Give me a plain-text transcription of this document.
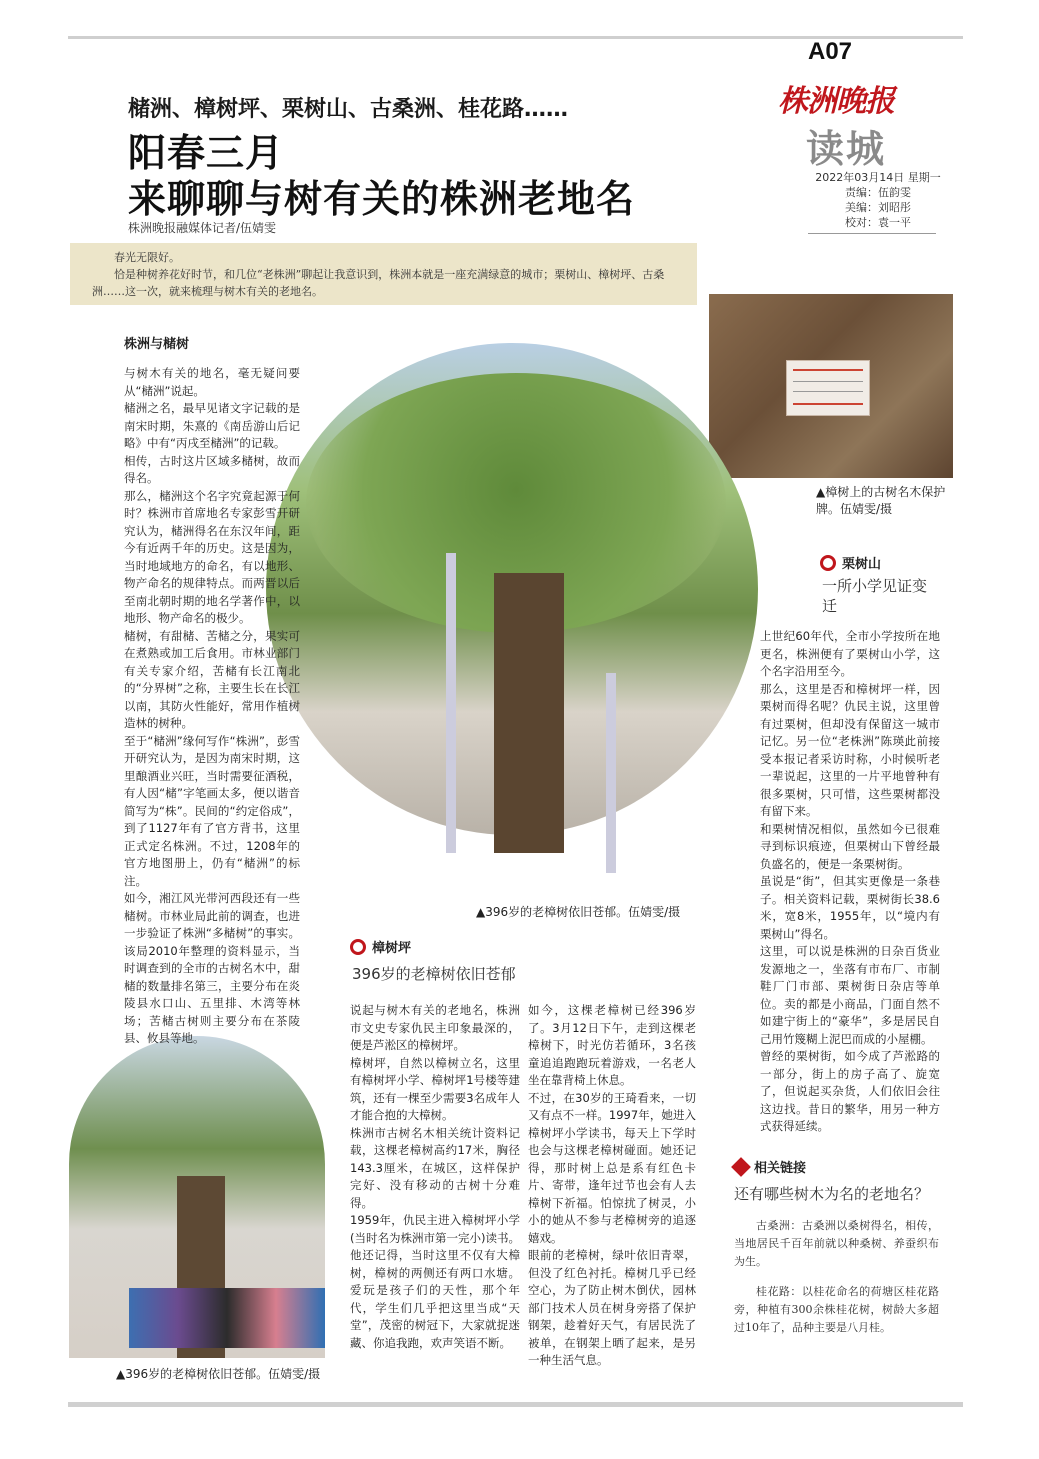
A07
株洲晚报
读城
2022年03月14日 星期一
责编：伍韵雯
美编：刘昭彤
校对：袁一平
槠洲、樟树坪、栗树山、古桑洲、桂花路……
阳春三月
来聊聊与树有关的株洲老地名
株洲晚报融媒体记者/伍婧雯
春光无限好。
恰是种树养花好时节，和几位“老株洲”聊起让我意识到，株洲本就是一座充满绿意的城市；栗树山、樟树坪、古桑洲……这一次，就来梳理与树木有关的老地名。
▲樟树上的古树名木保护牌。伍婧雯/摄
▲396岁的老樟树依旧苍郁。伍婧雯/摄
▲396岁的老樟树依旧苍郁。伍婧雯/摄
株洲与槠树
与树木有关的地名，毫无疑问要从“槠洲”说起。
槠洲之名，最早见诸文字记载的是南宋时期，朱熹的《南岳游山后记略》中有“丙戌至槠洲”的记载。
相传，古时这片区域多槠树，故而得名。
那么，槠洲这个名字究竟起源于何时？株洲市首席地名专家彭雪开研究认为，槠洲得名在东汉年间，距今有近两千年的历史。这是因为，当时地域地方的命名，有以地形、物产命名的规律特点。而两晋以后至南北朝时期的地名学著作中，以地形、物产命名的极少。
槠树，有甜槠、苦槠之分，果实可在煮熟或加工后食用。市林业部门有关专家介绍，苦槠有长江南北的“分界树”之称，主要生长在长江以南，其防火性能好，常用作植树造林的树种。
至于“槠洲”缘何写作“株洲”，彭雪开研究认为，是因为南宋时期，这里酿酒业兴旺，当时需要征酒税，有人因“槠”字笔画太多，便以谐音简写为“株”。民间的“约定俗成”，到了1127年有了官方背书，这里正式定名株洲。不过，1208年的官方地图册上，仍有“槠洲”的标注。
如今，湘江风光带河西段还有一些槠树。市林业局此前的调查，也进一步验证了株洲“多槠树”的事实。该局2010年整理的资料显示，当时调查到的全市的古树名木中，甜槠的数量排名第三，主要分布在炎陵县水口山、五里排、木湾等林场；苦槠古树则主要分布在茶陵县、攸县等地。
樟树坪
396岁的老樟树依旧苍郁
说起与树木有关的老地名，株洲市文史专家仇民主印象最深的，便是芦淞区的樟树坪。
樟树坪，自然以樟树立名，这里有樟树坪小学、樟树坪1号楼等建筑，还有一棵至少需要3名成年人才能合抱的大樟树。
株洲市古树名木相关统计资料记载，这棵老樟树高约17米，胸径143.3厘米，在城区，这样保护完好、没有移动的古树十分难得。
1959年，仇民主进入樟树坪小学(当时名为株洲市第一完小)读书。他还记得，当时这里不仅有大樟树，樟树的两侧还有两口水塘。爱玩是孩子们的天性，那个年代，学生们几乎把这里当成“天堂”，茂密的树冠下，大家就捉迷藏、你追我跑，欢声笑语不断。
如今，这棵老樟树已经396岁了。3月12日下午，走到这棵老樟树下，时光仿若循环，3名孩童追追跑跑玩着游戏，一名老人坐在靠背椅上休息。
不过，在30岁的王琦看来，一切又有点不一样。1997年，她进入樟树坪小学读书，每天上下学时也会与这棵老樟树碰面。她还记得，那时树上总是系有红色卡片、寄带，逢年过节也会有人去樟树下祈福。怕惊扰了树灵，小小的她从不参与老樟树旁的追逐嬉戏。
眼前的老樟树，绿叶依旧青翠，但没了红色衬托。樟树几乎已经空心，为了防止树木倒伏，园林部门技术人员在树身旁搭了保护钢架，趁着好天气，有居民洗了被单，在钢架上晒了起来，是另一种生活气息。
栗树山
一所小学见证变迁
上世纪60年代，全市小学按所在地更名，株洲便有了栗树山小学，这个名字沿用至今。
那么，这里是否和樟树坪一样，因栗树而得名呢？仇民主说，这里曾有过栗树，但却没有保留这一城市记忆。另一位“老株洲”陈瑛此前接受本报记者采访时称，小时候听老一辈说起，这里的一片平地曾种有很多栗树，只可惜，这些栗树都没有留下来。
和栗树情况相似，虽然如今已很难寻到标识痕迹，但栗树山下曾经最负盛名的，便是一条栗树街。
虽说是“街”，但其实更像是一条巷子。相关资料记载，栗树街长38.6米，宽8米，1955年，以“境内有栗树山”得名。
这里，可以说是株洲的日杂百货业发源地之一，坐落有市布厂、市制鞋厂门市部、栗树街日杂店等单位。卖的都是小商品，门面自然不如建宁街上的“豪华”，多是居民自己用竹篾糊上泥巴而成的小屋棚。
曾经的栗树街，如今成了芦淞路的一部分，街上的房子高了、旋宽了，但说起买杂货，人们依旧会往这边找。昔日的繁华，用另一种方式获得延续。
相关链接
还有哪些树木为名的老地名？
古桑洲：古桑洲以桑树得名，相传，当地居民千百年前就以种桑树、养蚕织布为生。
桂花路：以桂花命名的荷塘区桂花路旁，种植有300余株桂花树，树龄大多超过10年了，品种主要是八月桂。
